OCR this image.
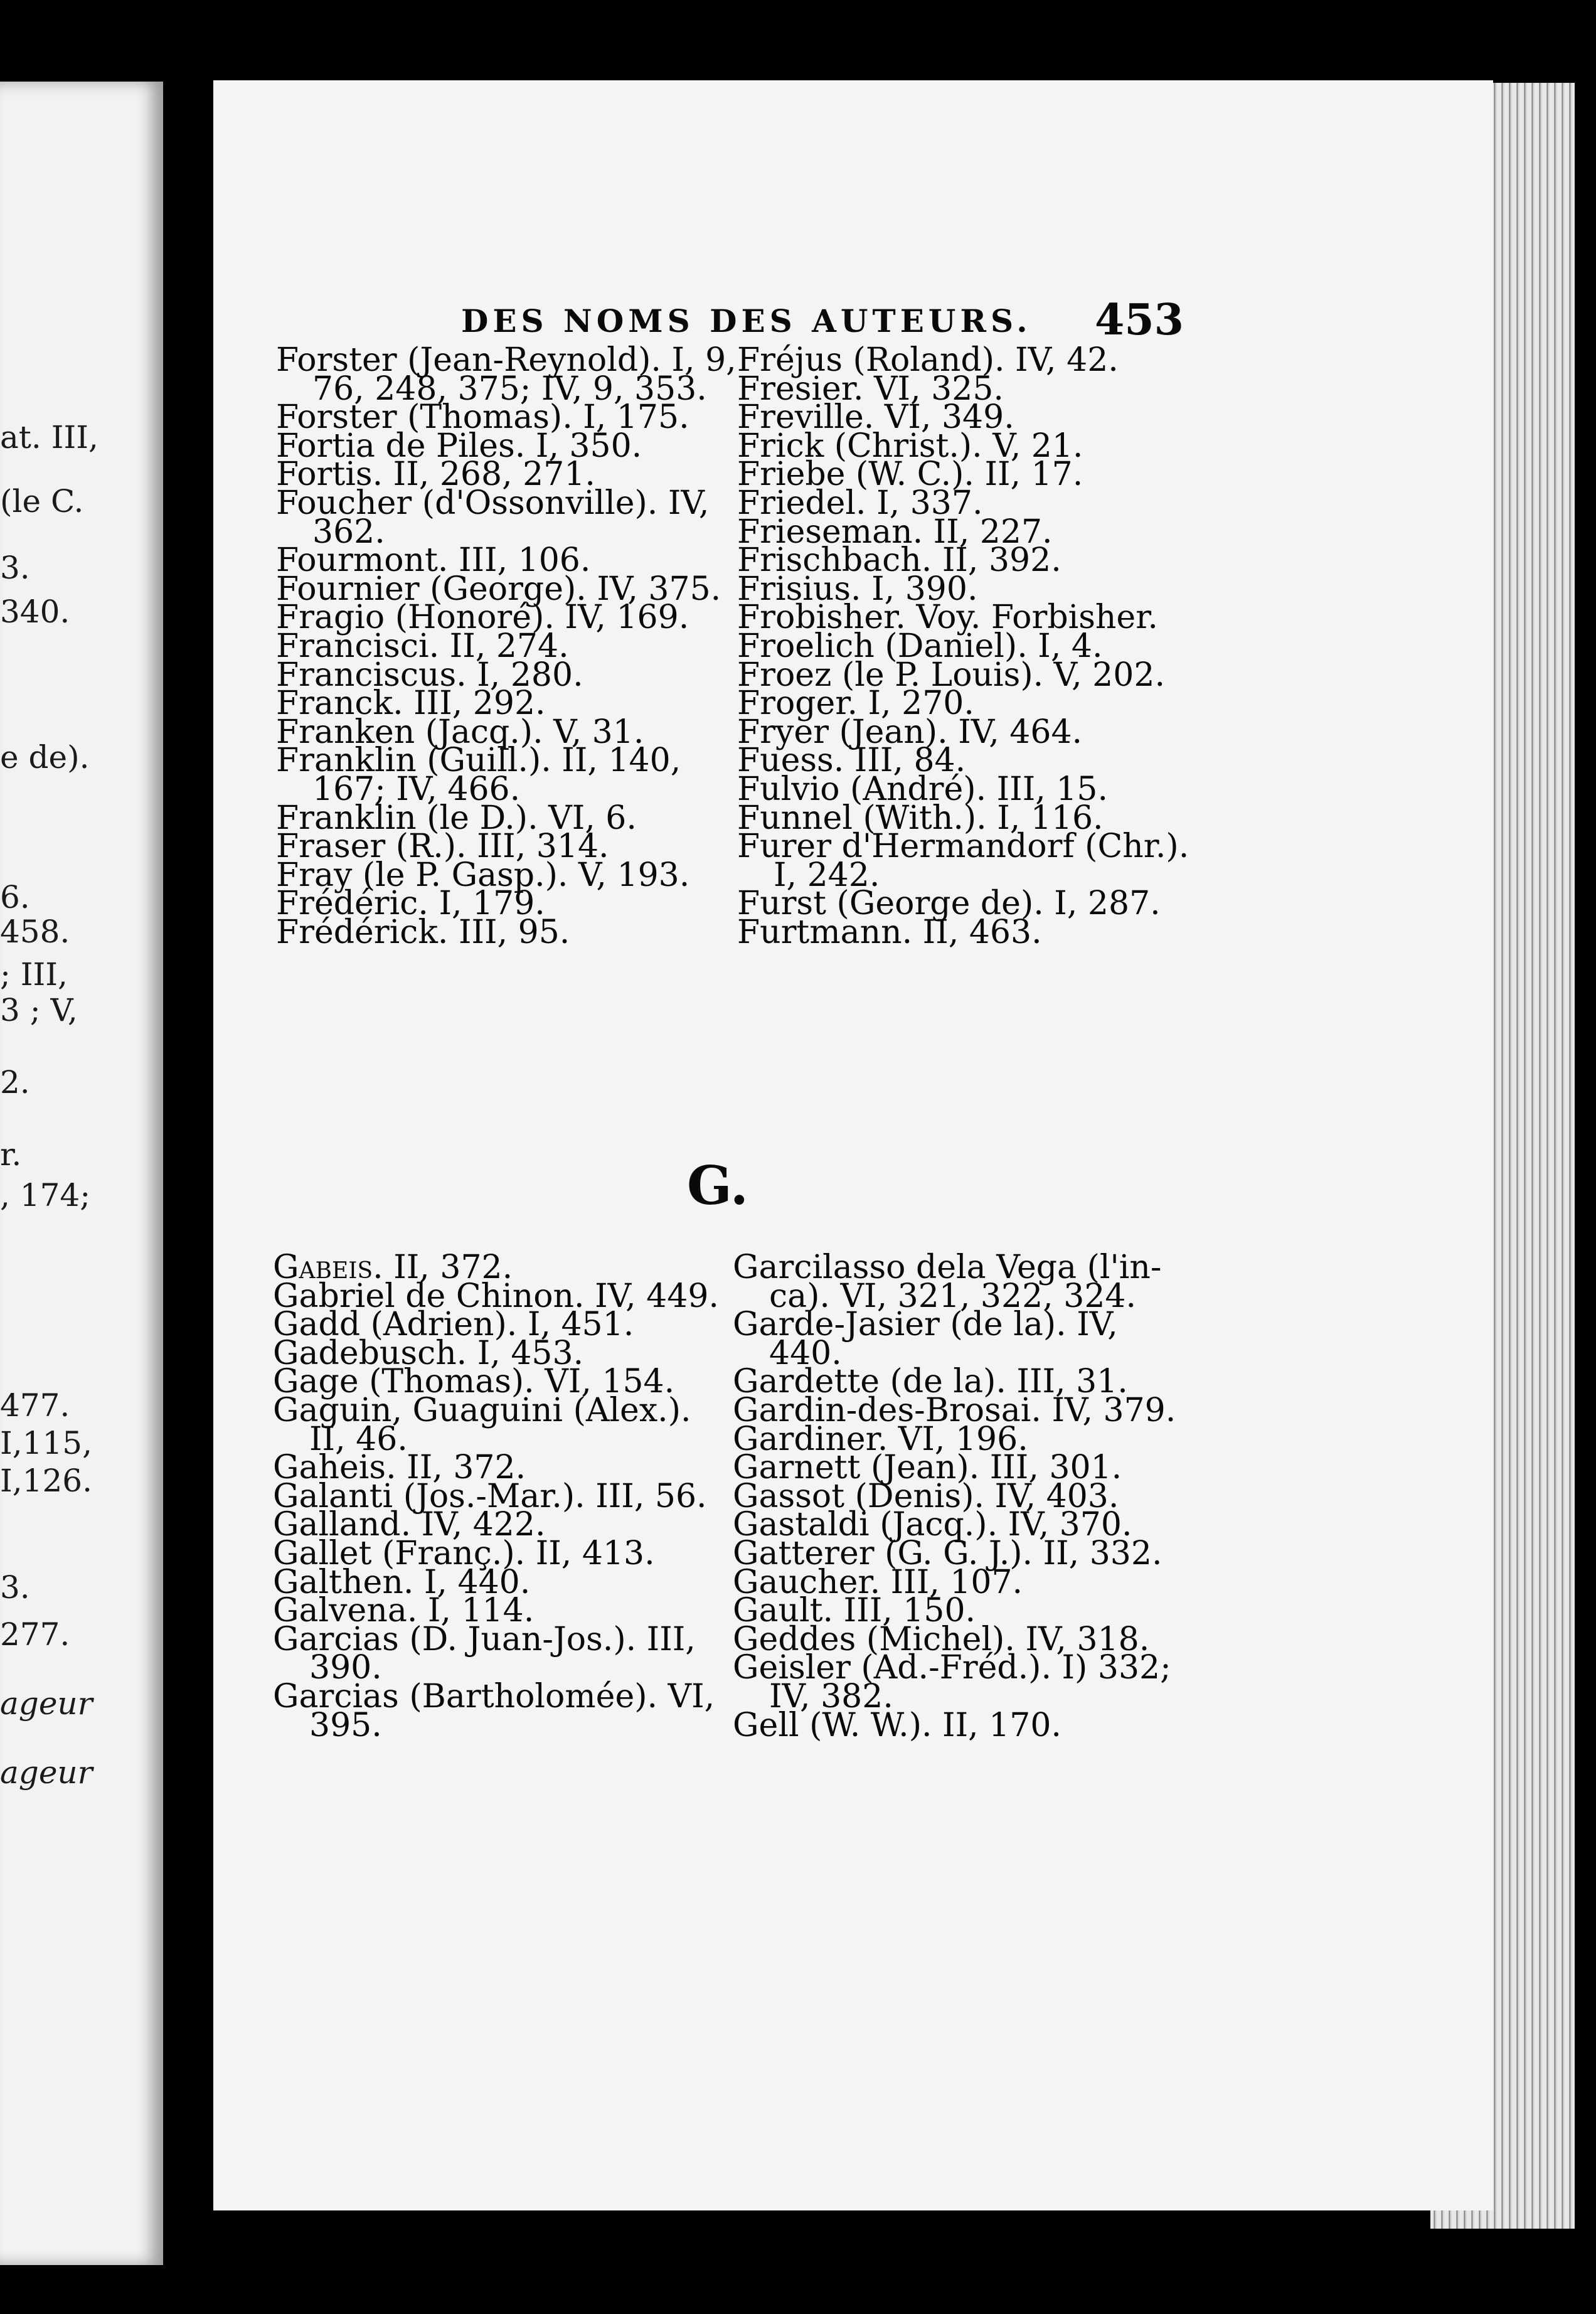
at. III,
(le C.
3.
340.
e de).
6.
458.
; III,
3 ; V,
2.
r.
, 174;
477.
I,115,
I,126.
3.
277.
ageur
ageur
DES NOMS DES AUTEURS. 453
Forster (Jean-Reynold). I, 9,
76, 248, 375; IV, 9, 353.
Forster (Thomas). I, 175.
Fortia de Piles. I, 350.
Fortis. II, 268, 271.
Foucher (d'Ossonville). IV,
362.
Fourmont. III, 106.
Fournier (George). IV, 375.
Fragio (Honoré). IV, 169.
Francisci. II, 274.
Franciscus. I, 280.
Franck. III, 292.
Franken (Jacq.). V, 31.
Franklin (Guill.). II, 140,
167; IV, 466.
Franklin (le D.). VI, 6.
Fraser (R.). III, 314.
Fray (le P. Gasp.). V, 193.
Frédéric. I, 179.
Frédérick. III, 95.
Fréjus (Roland). IV, 42.
Fresier. VI, 325.
Freville. VI, 349.
Frick (Christ.). V, 21.
Friebe (W. C.). II, 17.
Friedel. I, 337.
Frieseman. II, 227.
Frischbach. II, 392.
Frisius. I, 390.
Frobisher. Voy. Forbisher.
Froelich (Daniel). I, 4.
Froez (le P. Louis). V, 202.
Froger. I, 270.
Fryer (Jean). IV, 464.
Fuess. III, 84.
Fulvio (André). III, 15.
Funnel (With.). I, 116.
Furer d'Hermandorf (Chr.).
I, 242.
Furst (George de). I, 287.
Furtmann. II, 463.
G.
Gabeis. II, 372.
Gabriel de Chinon. IV, 449.
Gadd (Adrien). I, 451.
Gadebusch. I, 453.
Gage (Thomas). VI, 154.
Gaguin, Guaguini (Alex.).
II, 46.
Gaheis. II, 372.
Galanti (Jos.-Mar.). III, 56.
Galland. IV, 422.
Gallet (Franç.). II, 413.
Galthen. I, 440.
Galvena. I, 114.
Garcias (D. Juan-Jos.). III,
390.
Garcias (Bartholomée). VI,
395.
Garcilasso dela Vega (l'in-
ca). VI, 321, 322, 324.
Garde-Jasier (de la). IV,
440.
Gardette (de la). III, 31.
Gardin-des-Brosai. IV, 379.
Gardiner. VI, 196.
Garnett (Jean). III, 301.
Gassot (Denis). IV, 403.
Gastaldi (Jacq.). IV, 370.
Gatterer (G. G. J.). II, 332.
Gaucher. III, 107.
Gault. III, 150.
Geddes (Michel). IV, 318.
Geisler (Ad.-Fréd.). I) 332;
IV, 382.
Gell (W. W.). II, 170.
